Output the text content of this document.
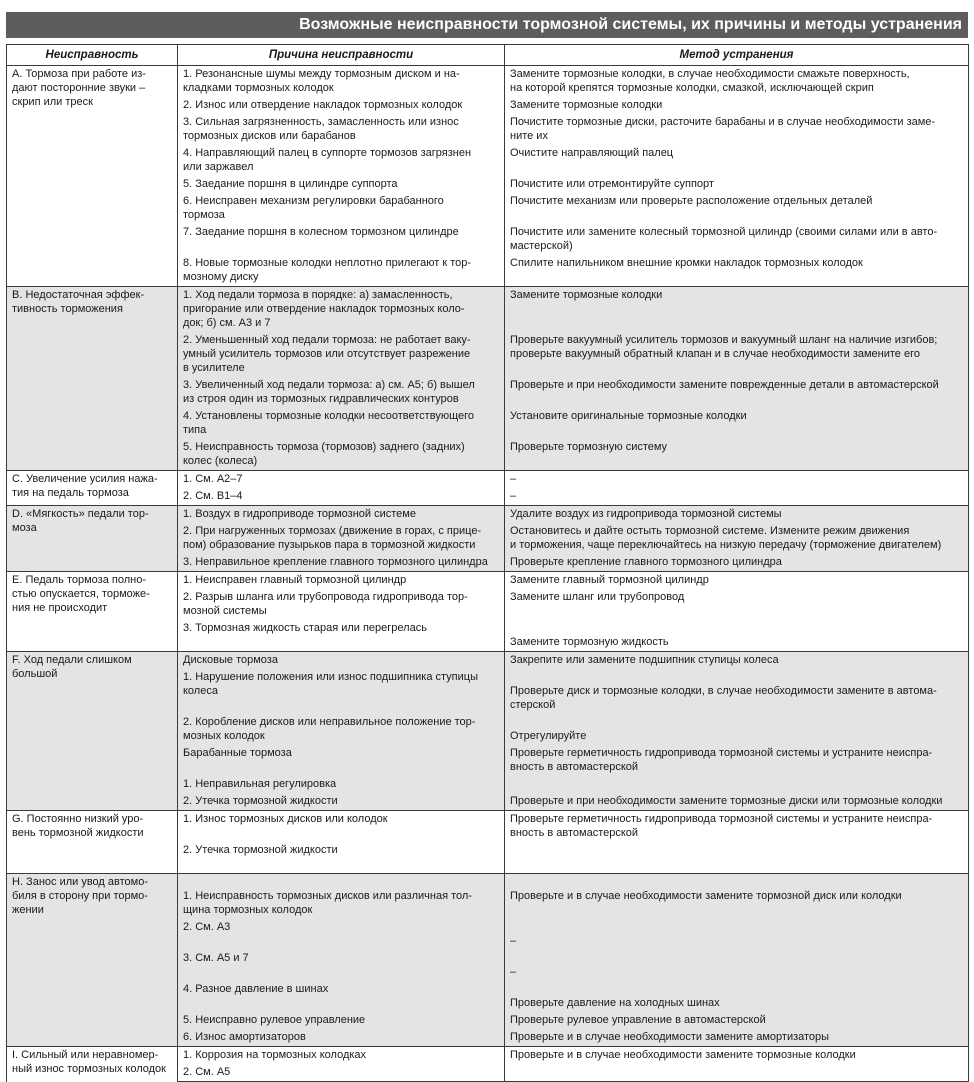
Возможные неисправности тормозной системы, их причины и методы устранения
Неисправность	Причина неисправности	Метод устранения

A. Тормоза при работе из-
дают посторонние звуки –
скрип или треск	1. Резонансные шумы между тормозным диском и на-
кладками тормозных колодок	Замените тормозные колодки, в случае необходимости смажьте поверхность,
на которой крепятся тормозные колодки, смазкой, исключающей скрип

	2. Износ или отвердение накладок тормозных колодок	Замените тормозные колодки

	3. Сильная загрязненность, замасленность или износ
тормозных дисков или барабанов	Почистите тормозные диски, расточите барабаны и в случае необходимости заме-
ните их

	4. Направляющий палец в суппорте тормозов загрязнен
или заржавел	Очистите направляющий палец

	5. Заедание поршня в цилиндре суппорта	Почистите или отремонтируйте суппорт

	6. Неисправен механизм регулировки барабанного
тормоза	Почистите механизм или проверьте расположение отдельных деталей

	7. Заедание поршня в колесном тормозном цилиндре	Почистите или замените колесный тормозной цилиндр (своими силами или в авто-
мастерской)

	8. Новые тормозные колодки неплотно прилегают к тор-
мозному диску	Спилите напильником внешние кромки накладок тормозных колодок

B. Недостаточная эффек-
тивность торможения	1. Ход педали тормоза в порядке: а) замасленность,
пригорание или отвердение накладок тормозных коло-
док; б) см. A3 и 7	Замените тормозные колодки

	2. Уменьшенный ход педали тормоза: не работает ваку-
умный усилитель тормозов или отсутствует разрежение
в усилителе	Проверьте вакуумный усилитель тормозов и вакуумный шланг на наличие изгибов;
проверьте вакуумный обратный клапан и в случае необходимости замените его

	3. Увеличенный ход педали тормоза: а) см. A5; б) вышел
из строя один из тормозных гидравлических контуров	Проверьте и при необходимости замените поврежденные детали в автомастерской

	4. Установлены тормозные колодки несоответствующего
типа	Установите оригинальные тормозные колодки

	5. Неисправность тормоза (тормозов) заднего (задних)
колес (колеса)	Проверьте тормозную систему

C. Увеличение усилия нажа-
тия на педаль тормоза	1. См. A2–7	–

	2. См. B1–4	–

D. «Мягкость» педали тор-
моза	1. Воздух в гидроприводе тормозной системе	Удалите воздух из гидропривода тормозной системы

	2. При нагруженных тормозах (движение в горах, с прице-
пом) образование пузырьков пара в тормозной жидкости	Остановитесь и дайте остыть тормозной системе. Измените режим движения
и торможения, чаще переключайтесь на низкую передачу (торможение двигателем)

	3. Неправильное крепление главного тормозного цилиндра	Проверьте крепление главного тормозного цилиндра

E. Педаль тормоза полно-
стью опускается, торможе-
ния не происходит	1. Неисправен главный тормозной цилиндр	Замените главный тормозной цилиндр

	2. Разрыв шланга или трубопровода гидропривода тор-
мозной системы	Замените шланг или трубопровод

	3. Тормозная жидкость старая или перегрелась	Замените тормозную жидкость

F. Ход педали слишком
большой	Дисковые тормоза	Закрепите или замените подшипник ступицы колеса

	1. Нарушение положения или износ подшипника ступицы
колеса	Проверьте диск и тормозные колодки, в случае необходимости замените в автома-
стерской

	2. Коробление дисков или неправильное положение тор-
мозных колодок	Отрегулируйте

	Барабанные тормоза	Проверьте герметичность гидропривода тормозной системы и устраните неиспра-
вность в автомастерской

	1. Неправильная регулировка	

	2. Утечка тормозной жидкости	Проверьте и при необходимости замените тормозные диски или тормозные колодки

G. Постоянно низкий уро-
вень тормозной жидкости	1. Износ тормозных дисков или колодок	Проверьте герметичность гидропривода тормозной системы и устраните неиспра-
вность в автомастерской

	2. Утечка тормозной жидкости	

H. Занос или увод автомо-
биля в сторону при тормо-
жении	1. Неисправность тормозных дисков или различная тол-
щина тормозных колодок	Проверьте и в случае необходимости замените тормозной диск или колодки

	2. См. A3	–

	3. См. A5 и 7	–

	4. Разное давление в шинах	Проверьте давление на холодных шинах

	5. Неисправно рулевое управление	Проверьте рулевое управление в автомастерской

	6. Износ амортизаторов	Проверьте и в случае необходимости замените амортизаторы

I. Сильный или неравномер-
ный износ тормозных колодок	1. Коррозия на тормозных колодках	Проверьте и в случае необходимости замените тормозные колодки

	2. См. A5	
